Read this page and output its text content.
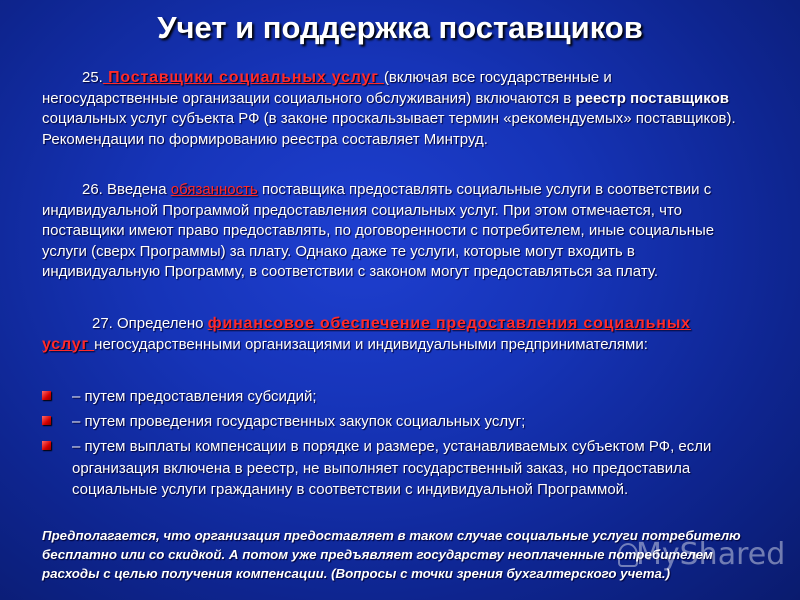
Учет и поддержка поставщиков
25. Поставщики социальных услуг (включая все государственные и негосударственные организации социального обслуживания) включаются в реестр поставщиков социальных услуг субъекта РФ (в законе проскальзывает термин «рекомендуемых» поставщиков). Рекомендации по формированию реестра составляет Минтруд.
26. Введена обязанность поставщика предоставлять социальные услуги в соответствии с индивидуальной Программой предоставления социальных услуг. При этом отмечается, что поставщики имеют право предоставлять, по договоренности с потребителем, иные социальные услуги (сверх Программы) за плату. Однако даже те услуги, которые могут входить в индивидуальную Программу, в соответствии с законом могут предоставляться за плату.
27. Определено финансовое обеспечение предоставления социальных услуг негосударственными организациями и индивидуальными предпринимателями:
– путем предоставления субсидий;
– путем проведения государственных закупок социальных услуг;
– путем выплаты компенсации в порядке и размере, устанавливаемых субъектом РФ, если организация включена в реестр, не выполняет государственный заказ, но предоставила социальные услуги гражданину в соответствии с индивидуальной Программой.
Предполагается, что организация предоставляет в таком случае социальные услуги потребителю бесплатно или со скидкой. А потом уже предъявляет государству неоплаченные потребителем расходы с целью получения компенсации. (Вопросы с точки зрения бухгалтерского учета.)
MyShared
